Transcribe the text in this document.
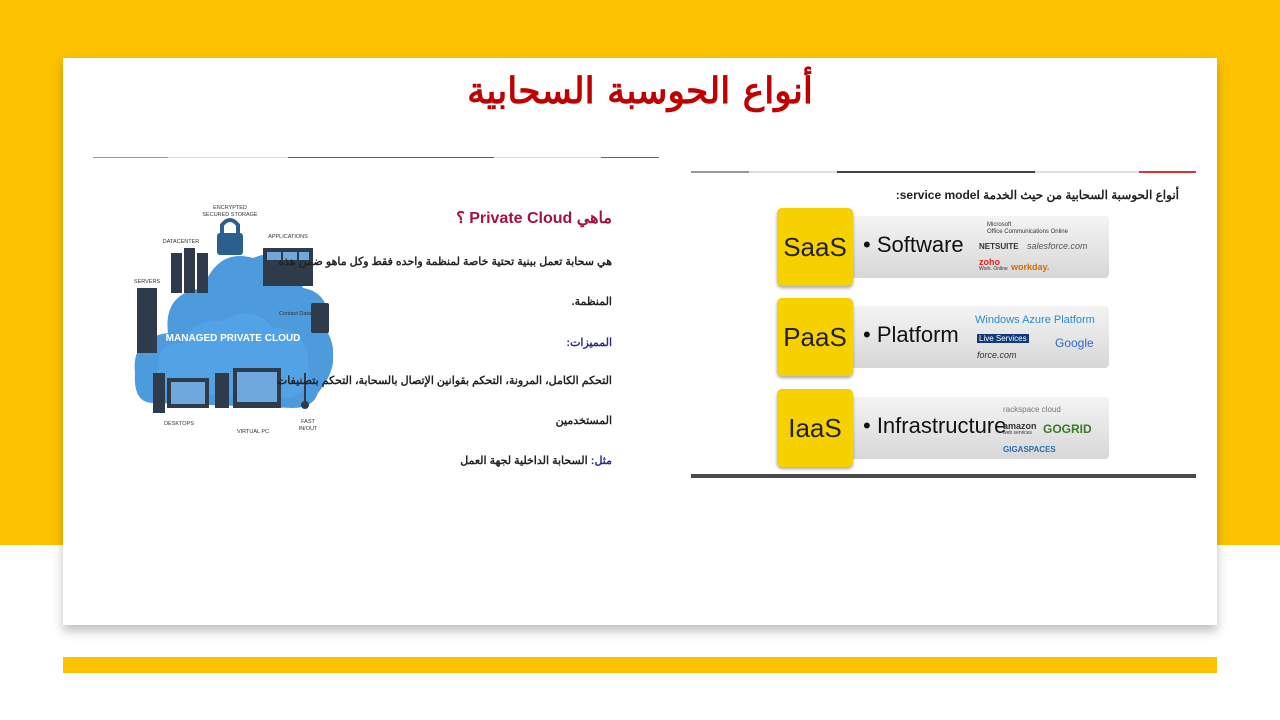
أنواع الحوسبة السحابية
MANAGED PRIVATE CLOUD
ENCRYPTED
SECURED STORAGE
DATACENTER
APPLICATIONS
SERVERS
Contact Data
DESKTOPS
VIRTUAL PC
FAST
IN/OUT
ماهي Private Cloud ؟
هي سحابة تعمل ببنية تحتية خاصة لمنظمة واحده فقط وكل ماهو ضمن هذه
المنظمة.
المميزات:
التحكم الكامل، المرونة، التحكم بقوانين الإتصال بالسحابة، التحكم بتصنيفات
المستخدمين
مثل: السحابة الداخلية لجهة العمل
أنواع الحوسبة السحابية من حيث الخدمة service model:
SaaS • Software
Microsoft
Office Communications Online
NETSUITE salesforce.com
zoho
Work. Online workday.
PaaS • Platform
Windows Azure Platform
Live Services
force.com
Google
IaaS • Infrastructure
rackspace cloud
amazon
web services GOGRID
GIGASPACES
